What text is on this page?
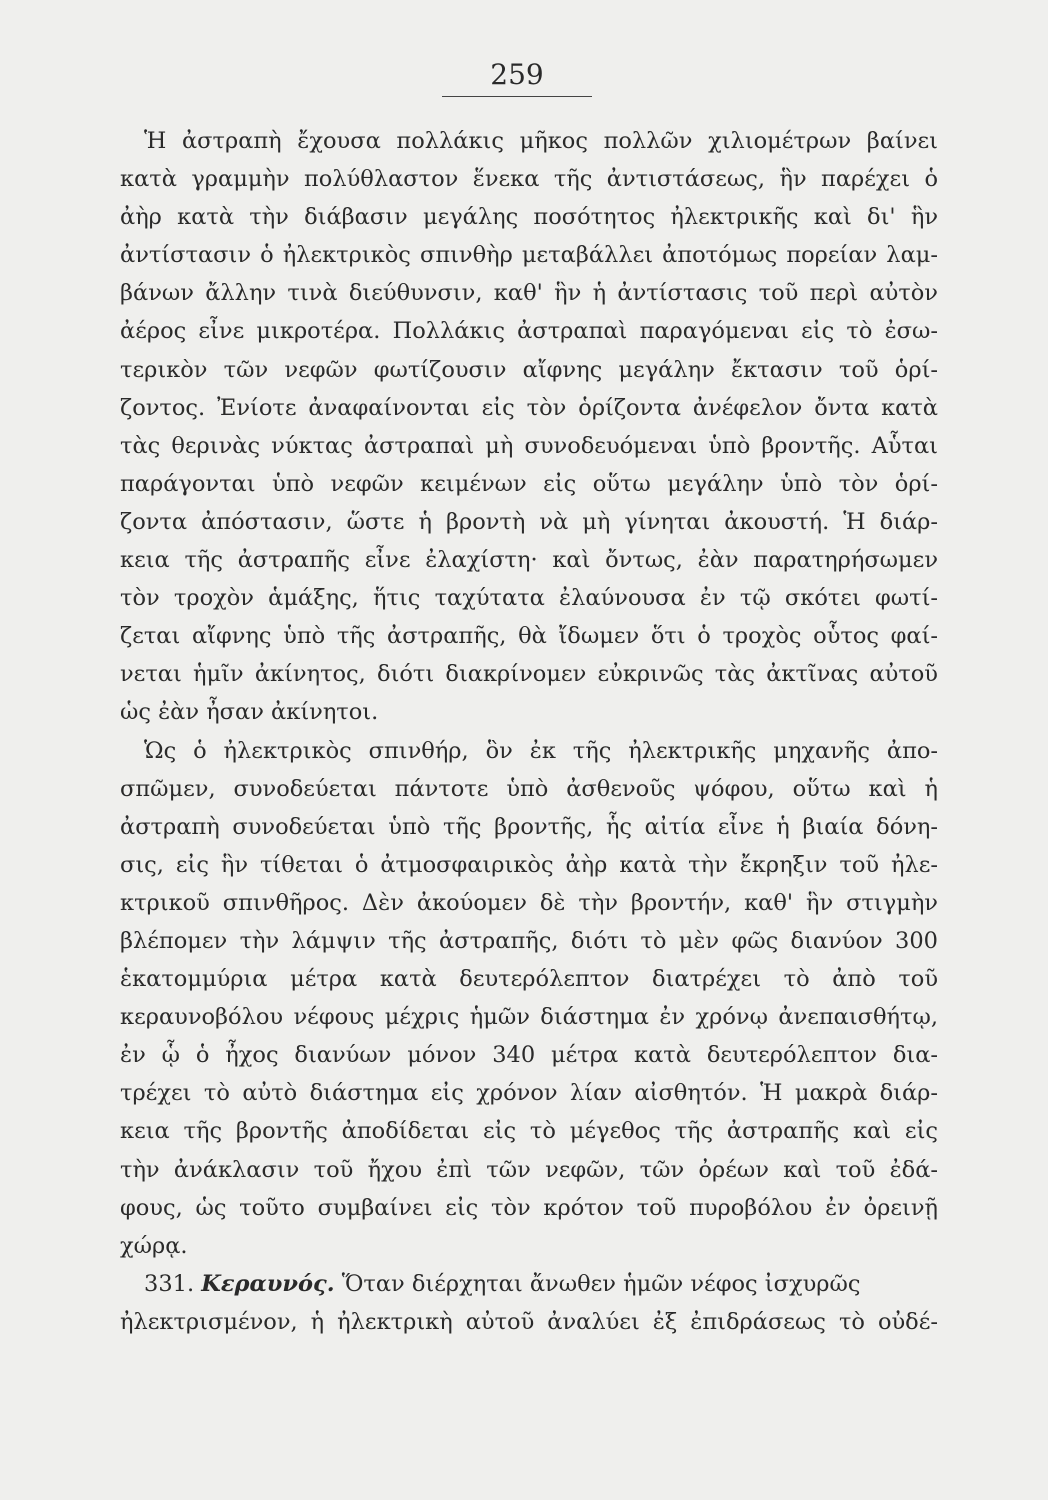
259
Ἡ ἀστραπὴ ἔχουσα πολλάκις μῆκος πολλῶν χιλιομέτρων βαίνει
κατὰ γραμμὴν πολύθλαστον ἕνεκα τῆς ἀντιστάσεως, ἣν παρέχει ὁ
ἀὴρ κατὰ τὴν διάβασιν μεγάλης ποσότητος ἠλεκτρικῆς καὶ δι' ἣν
ἀντίστασιν ὁ ἠλεκτρικὸς σπινθὴρ μεταβάλλει ἀποτόμως πορείαν λαμ-
βάνων ἄλλην τινὰ διεύθυνσιν, καθ' ἣν ἡ ἀντίστασις τοῦ περὶ αὐτὸν
ἀέρος εἶνε μικροτέρα. Πολλάκις ἀστραπαὶ παραγόμεναι εἰς τὸ ἐσω-
τερικὸν τῶν νεφῶν φωτίζουσιν αἴφνης μεγάλην ἔκτασιν τοῦ ὁρί-
ζοντος. Ἐνίοτε ἀναφαίνονται εἰς τὸν ὁρίζοντα ἀνέφελον ὄντα κατὰ
τὰς θερινὰς νύκτας ἀστραπαὶ μὴ συνοδευόμεναι ὑπὸ βροντῆς. Αὗται
παράγονται ὑπὸ νεφῶν κειμένων εἰς οὕτω μεγάλην ὑπὸ τὸν ὁρί-
ζοντα ἀπόστασιν, ὥστε ἡ βροντὴ νὰ μὴ γίνηται ἀκουστή. Ἡ διάρ-
κεια τῆς ἀστραπῆς εἶνε ἐλαχίστη· καὶ ὄντως, ἐὰν παρατηρήσωμεν
τὸν τροχὸν ἁμάξης, ἥτις ταχύτατα ἐλαύνουσα ἐν τῷ σκότει φωτί-
ζεται αἴφνης ὑπὸ τῆς ἀστραπῆς, θὰ ἴδωμεν ὅτι ὁ τροχὸς οὗτος φαί-
νεται ἡμῖν ἀκίνητος, διότι διακρίνομεν εὐκρινῶς τὰς ἀκτῖνας αὐτοῦ
ὡς ἐὰν ἦσαν ἀκίνητοι.
Ὡς ὁ ἠλεκτρικὸς σπινθήρ, ὃν ἐκ τῆς ἠλεκτρικῆς μηχανῆς ἀπο-
σπῶμεν, συνοδεύεται πάντοτε ὑπὸ ἀσθενοῦς ψόφου, οὕτω καὶ ἡ
ἀστραπὴ συνοδεύεται ὑπὸ τῆς βροντῆς, ἧς αἰτία εἶνε ἡ βιαία δόνη-
σις, εἰς ἣν τίθεται ὁ ἀτμοσφαιρικὸς ἀὴρ κατὰ τὴν ἔκρηξιν τοῦ ἠλε-
κτρικοῦ σπινθῆρος. Δὲν ἀκούομεν δὲ τὴν βροντήν, καθ' ἣν στιγμὴν
βλέπομεν τὴν λάμψιν τῆς ἀστραπῆς, διότι τὸ μὲν φῶς διανύον 300
ἑκατομμύρια μέτρα κατὰ δευτερόλεπτον διατρέχει τὸ ἀπὸ τοῦ
κεραυνοβόλου νέφους μέχρις ἡμῶν διάστημα ἐν χρόνῳ ἀνεπαισθήτῳ,
ἐν ᾧ ὁ ἦχος διανύων μόνον 340 μέτρα κατὰ δευτερόλεπτον δια-
τρέχει τὸ αὐτὸ διάστημα εἰς χρόνον λίαν αἰσθητόν. Ἡ μακρὰ διάρ-
κεια τῆς βροντῆς ἀποδίδεται εἰς τὸ μέγεθος τῆς ἀστραπῆς καὶ εἰς
τὴν ἀνάκλασιν τοῦ ἤχου ἐπὶ τῶν νεφῶν, τῶν ὀρέων καὶ τοῦ ἐδά-
φους, ὡς τοῦτο συμβαίνει εἰς τὸν κρότον τοῦ πυροβόλου ἐν ὀρεινῇ
χώρᾳ.
331. Κεραυνός. Ὅταν διέρχηται ἄνωθεν ἡμῶν νέφος ἰσχυρῶς
ἠλεκτρισμένον, ἡ ἠλεκτρικὴ αὐτοῦ ἀναλύει ἐξ ἐπιδράσεως τὸ οὐδέ-
